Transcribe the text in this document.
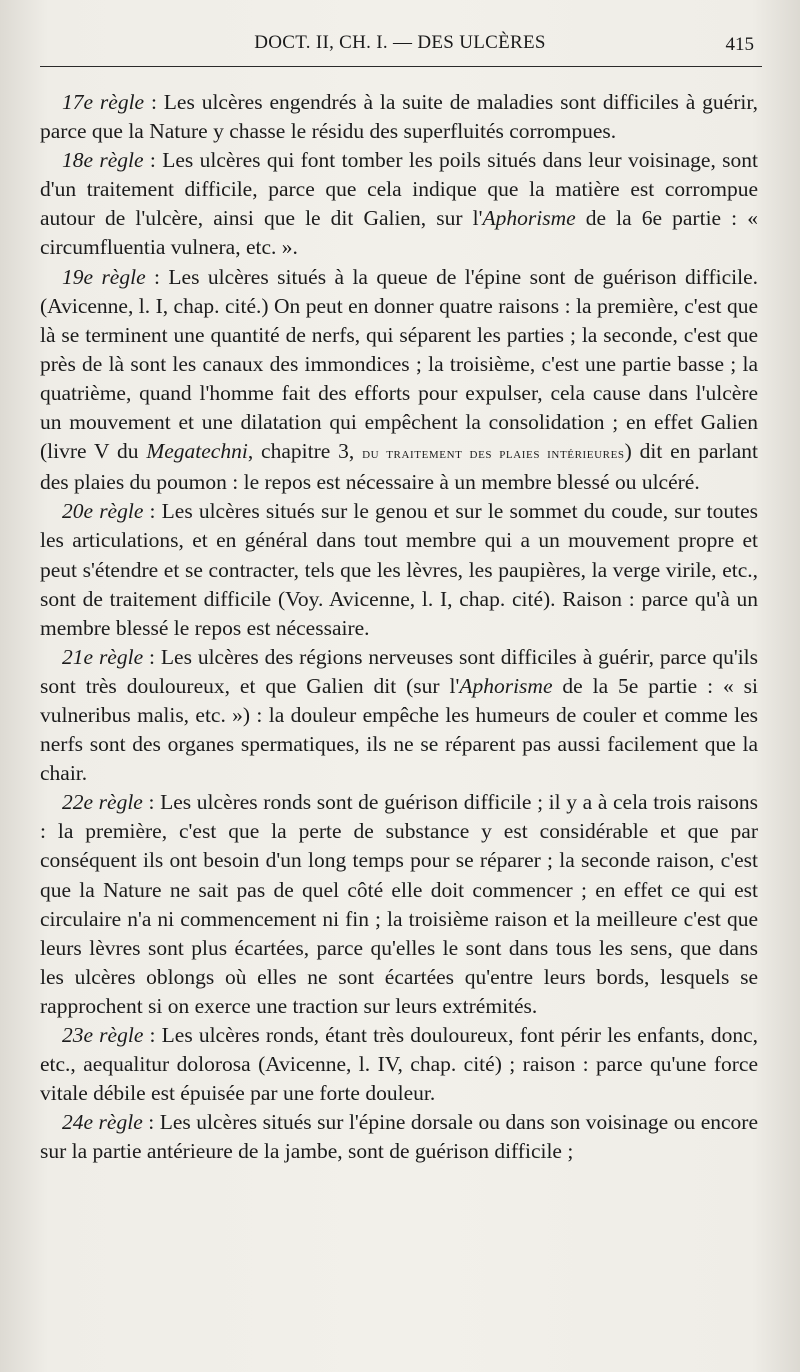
DOCT. II, CH. I. — DES ULCÈRES	415

17e règle : Les ulcères engendrés à la suite de maladies sont difficiles à guérir, parce que la Nature y chasse le résidu des superfluités corrompues.

18e règle : Les ulcères qui font tomber les poils situés dans leur voisinage, sont d'un traitement difficile, parce que cela indique que la matière est corrompue autour de l'ulcère, ainsi que le dit Galien, sur l'Aphorisme de la 6e partie : « circumfluentia vulnera, etc. ».

19e règle : Les ulcères situés à la queue de l'épine sont de guérison difficile. (Avicenne, l. I, chap. cité.) On peut en donner quatre raisons : la première, c'est que là se terminent une quantité de nerfs, qui séparent les parties ; la seconde, c'est que près de là sont les canaux des immondices ; la troisième, c'est une partie basse ; la quatrième, quand l'homme fait des efforts pour expulser, cela cause dans l'ulcère un mouvement et une dilatation qui empêchent la consolidation ; en effet Galien (livre V du Megatechni, chapitre 3, du traitement des plaies intérieures) dit en parlant des plaies du poumon : le repos est nécessaire à un membre blessé ou ulcéré.

20e règle : Les ulcères situés sur le genou et sur le sommet du coude, sur toutes les articulations, et en général dans tout membre qui a un mouvement propre et peut s'étendre et se contracter, tels que les lèvres, les paupières, la verge virile, etc., sont de traitement difficile (Voy. Avicenne, l. I, chap. cité). Raison : parce qu'à un membre blessé le repos est nécessaire.

21e règle : Les ulcères des régions nerveuses sont difficiles à guérir, parce qu'ils sont très douloureux, et que Galien dit (sur l'Aphorisme de la 5e partie : « si vulneribus malis, etc. ») : la douleur empêche les humeurs de couler et comme les nerfs sont des organes spermatiques, ils ne se réparent pas aussi facilement que la chair.

22e règle : Les ulcères ronds sont de guérison difficile ; il y a à cela trois raisons : la première, c'est que la perte de substance y est considérable et que par conséquent ils ont besoin d'un long temps pour se réparer ; la seconde raison, c'est que la Nature ne sait pas de quel côté elle doit commencer ; en effet ce qui est circulaire n'a ni commencement ni fin ; la troisième raison et la meilleure c'est que leurs lèvres sont plus écartées, parce qu'elles le sont dans tous les sens, que dans les ulcères oblongs où elles ne sont écartées qu'entre leurs bords, lesquels se rapprochent si on exerce une traction sur leurs extrémités.

23e règle : Les ulcères ronds, étant très douloureux, font périr les enfants, donc, etc., aequalitur dolorosa (Avicenne, l. IV, chap. cité) ; raison : parce qu'une force vitale débile est épuisée par une forte douleur.

24e règle : Les ulcères situés sur l'épine dorsale ou dans son voisinage ou encore sur la partie antérieure de la jambe, sont de guérison difficile ;
